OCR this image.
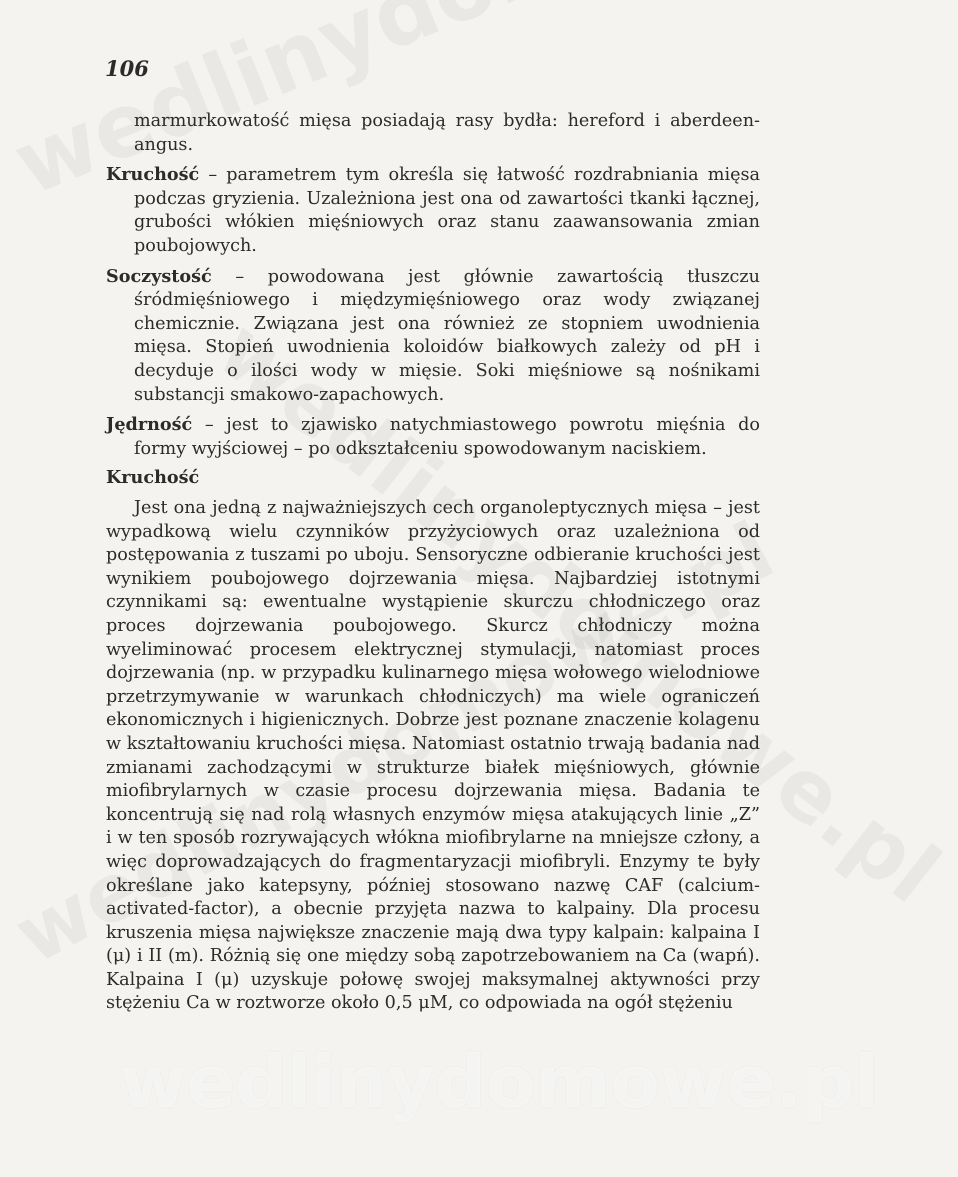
106

marmurkowatość mięsa posiadają rasy bydła: hereford i aberdeen-angus.

Kruchość – parametrem tym określa się łatwość rozdrabniania mięsa podczas gryzienia. Uzależniona jest ona od zawartości tkanki łącznej, grubości włókien mięśniowych oraz stanu zaawansowania zmian poubojowych.

Soczystość – powodowana jest głównie zawartością tłuszczu śródmięśniowego i międzymięśniowego oraz wody związanej chemicznie. Związana jest ona również ze stopniem uwodnienia mięsa. Stopień uwodnienia koloidów białkowych zależy od pH i decyduje o ilości wody w mięsie. Soki mięśniowe są nośnikami substancji smakowo-zapachowych.

Jędrność – jest to zjawisko natychmiastowego powrotu mięśnia do formy wyjściowej – po odkształceniu spowodowanym naciskiem.

Kruchość

Jest ona jedną z najważniejszych cech organoleptycznych mięsa – jest wypadkową wielu czynników przyżyciowych oraz uzależniona od postępowania z tuszami po uboju. Sensoryczne odbieranie kruchości jest wynikiem poubojowego dojrzewania mięsa. Najbardziej istotnymi czynnikami są: ewentualne wystąpienie skurczu chłodniczego oraz proces dojrzewania poubojowego. Skurcz chłodniczy można wyeliminować procesem elektrycznej stymulacji, natomiast proces dojrzewania (np. w przypadku kulinarnego mięsa wołowego wielodniowe przetrzymywanie w warunkach chłodniczych) ma wiele ograniczeń ekonomicznych i higienicznych. Dobrze jest poznane znaczenie kolagenu w kształtowaniu kruchości mięsa. Natomiast ostatnio trwają badania nad zmianami zachodzącymi w strukturze białek mięśniowych, głównie miofibrylarnych w czasie procesu dojrzewania mięsa. Badania te koncentrują się nad rolą własnych enzymów mięsa atakujących linie „Z” i w ten sposób rozrywających włókna miofibrylarne na mniejsze człony, a więc doprowadzających do fragmentaryzacji miofibryli. Enzymy te były określane jako katepsyny, później stosowano nazwę CAF (calcium-activated-factor), a obecnie przyjęta nazwa to kalpainy. Dla procesu kruszenia mięsa największe znaczenie mają dwa typy kalpain: kalpaina I (μ) i II (m). Różnią się one między sobą zapotrzebowaniem na Ca (wapń). Kalpaina I (μ) uzyskuje połowę swojej maksymalnej aktywności przy stężeniu Ca w roztworze około 0,5 μM, co odpowiada na ogół stężeniu

wedlinydomowe.pl
